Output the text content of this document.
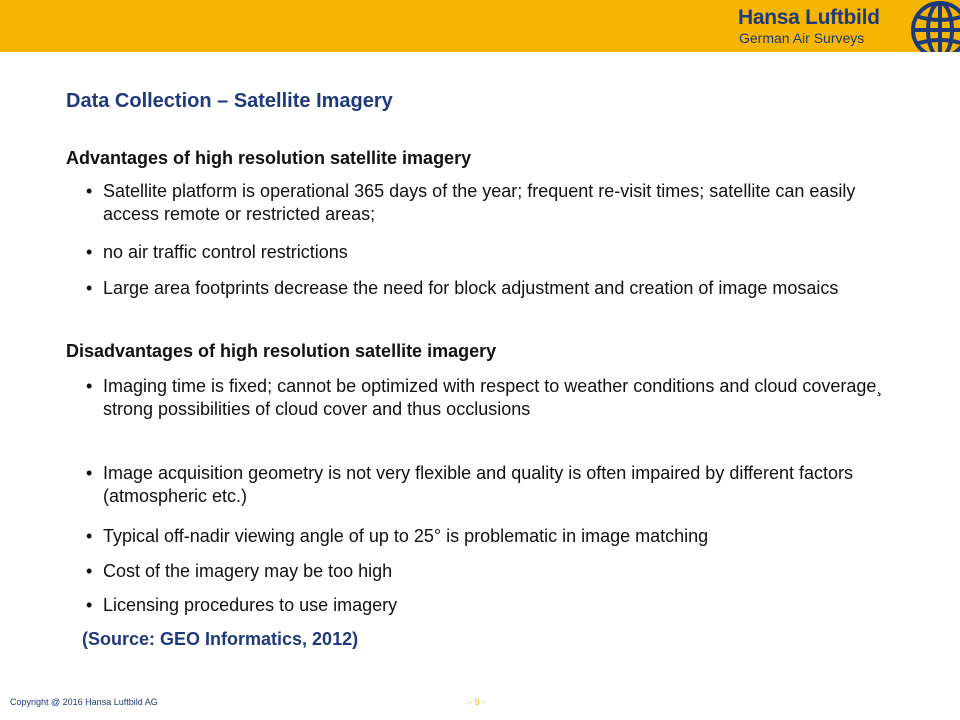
Hansa Luftbild
German Air Surveys
Data Collection – Satellite Imagery
Advantages of high resolution satellite imagery
• Satellite platform is operational 365 days of the year; frequent re-visit times; satellite can easily access remote or restricted areas;
• no air traffic control restrictions
• Large area footprints decrease the need for block adjustment and creation of image mosaics
Disadvantages of high resolution satellite imagery
• Imaging time is fixed; cannot be optimized with respect to weather conditions and cloud coverage¸ strong possibilities of cloud cover and thus occlusions
• Image acquisition geometry is not very flexible and quality is often impaired by different factors (atmospheric etc.)
• Typical off-nadir viewing angle of up to 25° is problematic in image matching
• Cost of the imagery may be too high
• Licensing procedures to use imagery
(Source: GEO Informatics, 2012)
Copyright @ 2016 Hansa Luftbild AG	- 9 -
